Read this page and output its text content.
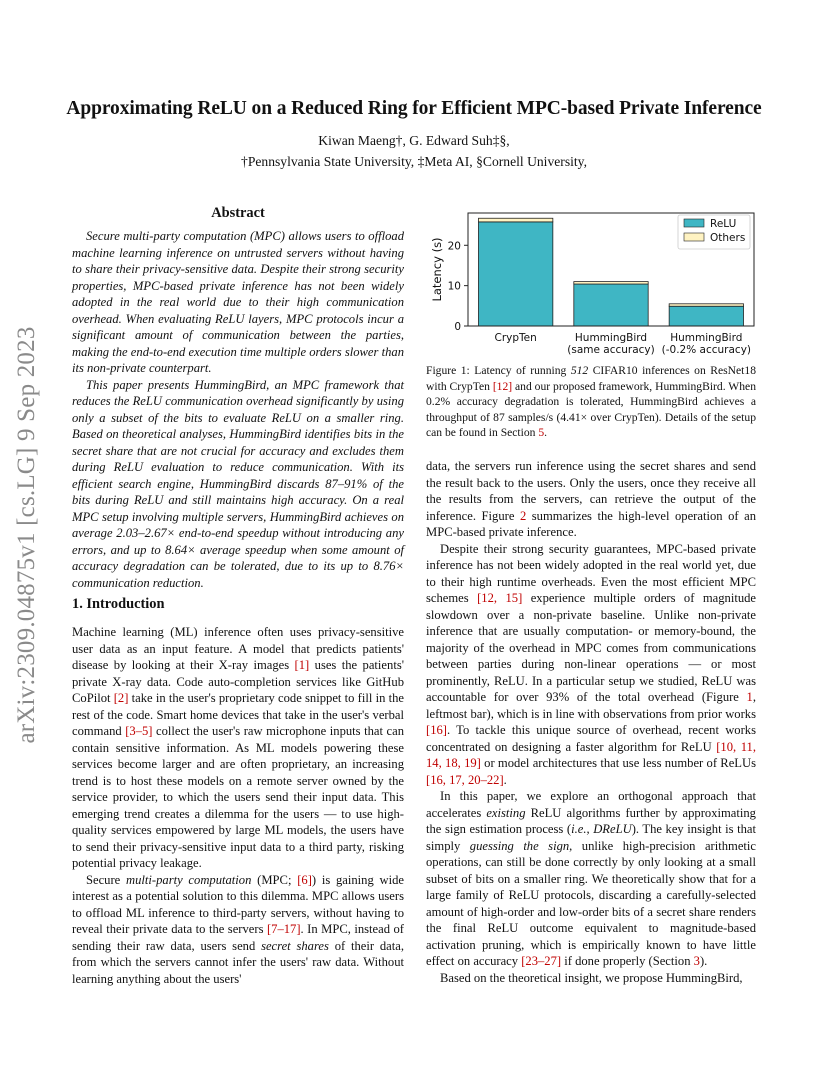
arXiv:2309.04875v1 [cs.LG] 9 Sep 2023
Approximating ReLU on a Reduced Ring for Efficient MPC-based Private Inference
Kiwan Maeng†, G. Edward Suh‡§,
†Pennsylvania State University, ‡Meta AI, §Cornell University,
Abstract

Secure multi-party computation (MPC) allows users to offload machine learning inference on untrusted servers without having to share their privacy-sensitive data. Despite their strong security properties, MPC-based private inference has not been widely adopted in the real world due to their high communication overhead. When evaluating ReLU layers, MPC protocols incur a significant amount of communication between the parties, making the end-to-end execution time multiple orders slower than its non-private counterpart.

This paper presents HummingBird, an MPC framework that reduces the ReLU communication overhead significantly by using only a subset of the bits to evaluate ReLU on a smaller ring. Based on theoretical analyses, HummingBird identifies bits in the secret share that are not crucial for accuracy and excludes them during ReLU evaluation to reduce communication. With its efficient search engine, HummingBird discards 87–91% of the bits during ReLU and still maintains high accuracy. On a real MPC setup involving multiple servers, HummingBird achieves on average 2.03–2.67× end-to-end speedup without introducing any errors, and up to 8.64× average speedup when some amount of accuracy degradation can be tolerated, due to its up to 8.76× communication reduction.

1. Introduction

Machine learning (ML) inference often uses privacy-sensitive user data as an input feature. A model that predicts patients' disease by looking at their X-ray images [1] uses the patients' private X-ray data. Code auto-completion services like GitHub CoPilot [2] take in the user's proprietary code snippet to fill in the rest of the code. Smart home devices that take in the user's verbal command [3–5] collect the user's raw microphone inputs that can contain sensitive information. As ML models powering these services become larger and are often proprietary, an increasing trend is to host these models on a remote server owned by the service provider, to which the users send their input data. This emerging trend creates a dilemma for the users — to use high-quality services empowered by large ML models, the users have to send their privacy-sensitive input data to a third party, risking potential privacy leakage.

Secure multi-party computation (MPC; [6]) is gaining wide interest as a potential solution to this dilemma. MPC allows users to offload ML inference to third-party servers, without having to reveal their private data to the servers [7–17]. In MPC, instead of sending their raw data, users send secret shares of their data, from which the servers cannot infer the users' raw data. Without learning anything about the users'

CrypTen	HummingBird
(same accuracy)
HummingBird
(-0.2% accuracy)
0
10
20
Latency (s)
ReLU
Others
Figure 1: Latency of running 512 CIFAR10 inferences on ResNet18 with CrypTen [12] and our proposed framework, HummingBird. When 0.2% accuracy degradation is tolerated, HummingBird achieves a throughput of 87 samples/s (4.41× over CrypTen). Details of the setup can be found in Section 5.

data, the servers run inference using the secret shares and send the result back to the users. Only the users, once they receive all the results from the servers, can retrieve the output of the inference. Figure 2 summarizes the high-level operation of an MPC-based private inference.

Despite their strong security guarantees, MPC-based private inference has not been widely adopted in the real world yet, due to their high runtime overheads. Even the most efficient MPC schemes [12, 15] experience multiple orders of magnitude slowdown over a non-private baseline. Unlike non-private inference that are usually computation- or memory-bound, the majority of the overhead in MPC comes from communications between parties during non-linear operations — or most prominently, ReLU. In a particular setup we studied, ReLU was accountable for over 93% of the total overhead (Figure 1, leftmost bar), which is in line with observations from prior works [16]. To tackle this unique source of overhead, recent works concentrated on designing a faster algorithm for ReLU [10, 11, 14, 18, 19] or model architectures that use less number of ReLUs [16, 17, 20–22].

In this paper, we explore an orthogonal approach that accelerates existing ReLU algorithms further by approximating the sign estimation process (i.e., DReLU). The key insight is that simply guessing the sign, unlike high-precision arithmetic operations, can still be done correctly by only looking at a small subset of bits on a smaller ring. We theoretically show that for a large family of ReLU protocols, discarding a carefully-selected amount of high-order and low-order bits of a secret share renders the final ReLU outcome equivalent to magnitude-based activation pruning, which is empirically known to have little effect on accuracy [23–27] if done properly (Section 3).

Based on the theoretical insight, we propose HummingBird,
